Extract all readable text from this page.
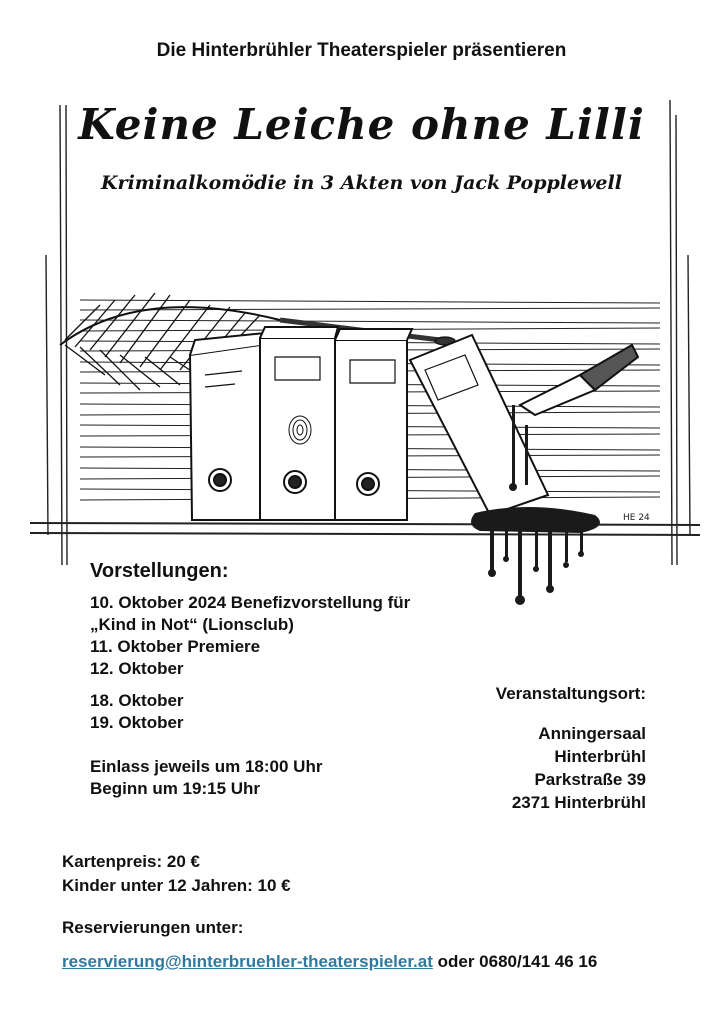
Die Hinterbrühler Theaterspieler präsentieren
HE 24
Keine Leiche ohne Lilli
Kriminalkomödie in 3 Akten von Jack Popplewell
Vorstellungen:
10. Oktober 2024 Benefizvorstellung für
„Kind in Not“ (Lionsclub)
11. Oktober Premiere
12. Oktober
18. Oktober
19. Oktober
Einlass jeweils um 18:00 Uhr
Beginn um 19:15 Uhr
Veranstaltungsort:
Anningersaal
Hinterbrühl
Parkstraße 39
2371 Hinterbrühl
Kartenpreis: 20 €
Kinder unter 12 Jahren: 10 €
Reservierungen unter:
reservierung@hinterbruehler-theaterspieler.at oder 0680/141 46 16
